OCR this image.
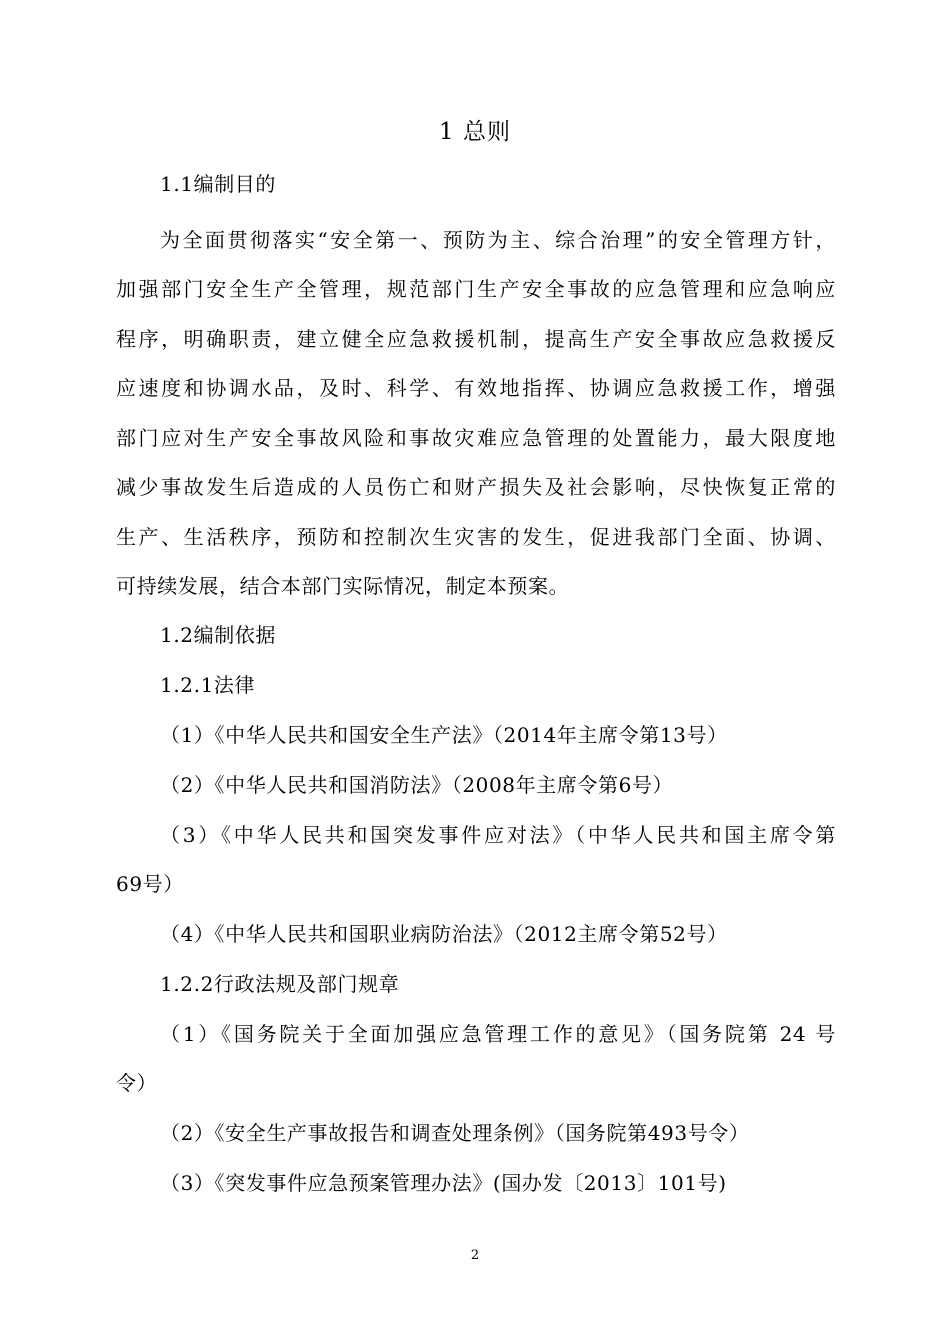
1 总则
1.1编制目的
为全面贯彻落实“安全第一、预防为主、综合治理”的安全管理方针，
加强部门安全生产全管理，规范部门生产安全事故的应急管理和应急响应
程序，明确职责，建立健全应急救援机制，提高生产安全事故应急救援反
应速度和协调水品，及时、科学、有效地指挥、协调应急救援工作，增强
部门应对生产安全事故风险和事故灾难应急管理的处置能力，最大限度地
减少事故发生后造成的人员伤亡和财产损失及社会影响，尽快恢复正常的
生产、生活秩序，预防和控制次生灾害的发生，促进我部门全面、协调、
可持续发展，结合本部门实际情况，制定本预案。
1.2编制依据
1.2.1法律
（1）《中华人民共和国安全生产法》（2014年主席令第13号）
（2）《中华人民共和国消防法》（2008年主席令第6号）
（3）《中华人民共和国突发事件应对法》（中华人民共和国主席令第
69号）
（4）《中华人民共和国职业病防治法》（2012主席令第52号）
1.2.2行政法规及部门规章
（1）《国务院关于全面加强应急管理工作的意见》（国务院第 24 号
令）
（2）《安全生产事故报告和调查处理条例》（国务院第493号令）
（3）《突发事件应急预案管理办法》(国办发〔2013〕101号)
2
